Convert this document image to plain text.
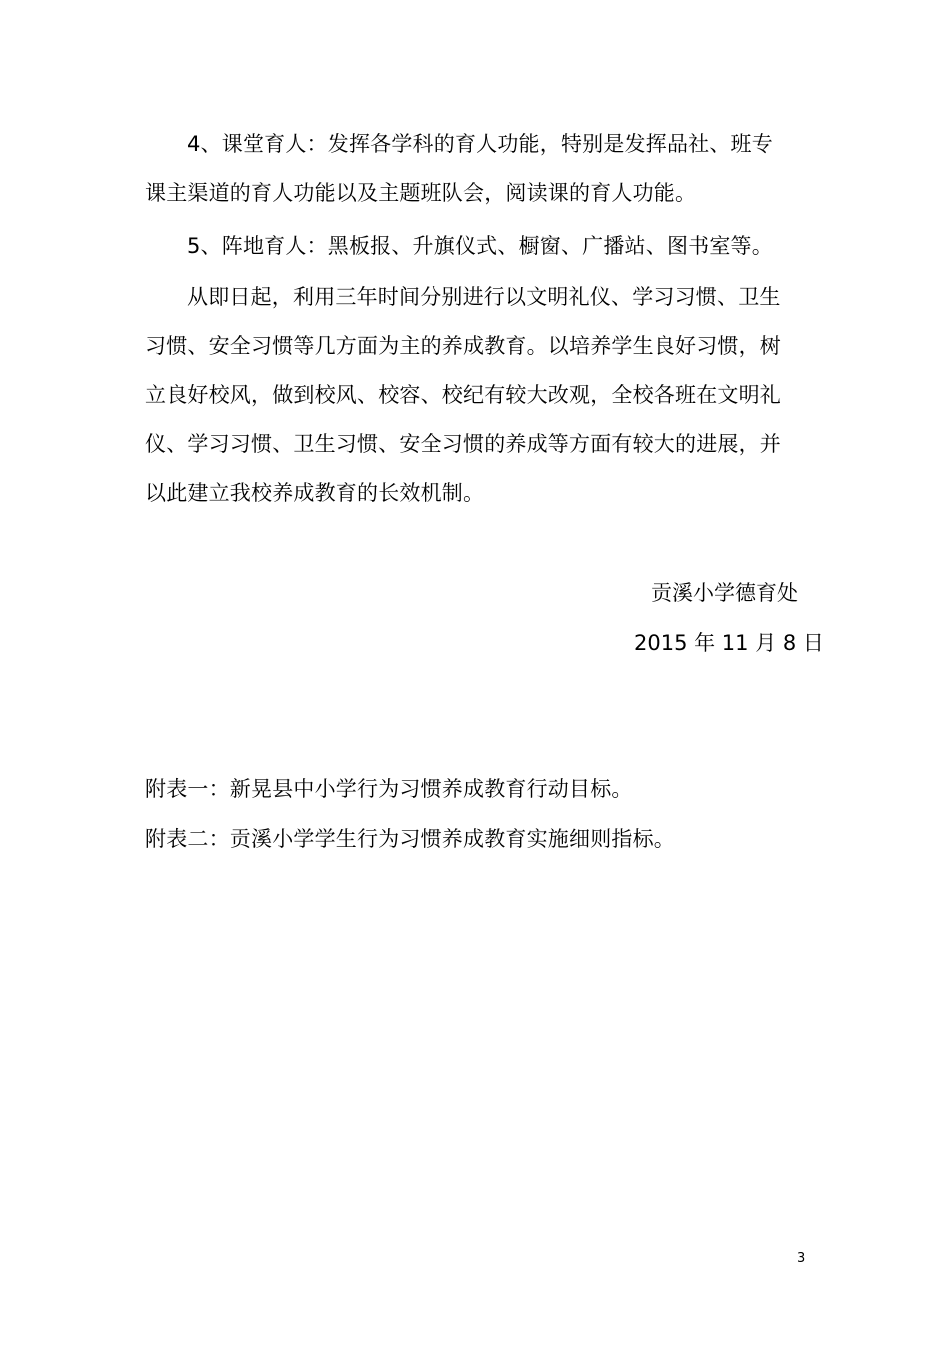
4、课堂育人：发挥各学科的育人功能，特别是发挥品社、班专
课主渠道的育人功能以及主题班队会，阅读课的育人功能。
5、阵地育人：黑板报、升旗仪式、橱窗、广播站、图书室等。
从即日起，利用三年时间分别进行以文明礼仪、学习习惯、卫生
习惯、安全习惯等几方面为主的养成教育。以培养学生良好习惯，树
立良好校风，做到校风、校容、校纪有较大改观，全校各班在文明礼
仪、学习习惯、卫生习惯、安全习惯的养成等方面有较大的进展，并
以此建立我校养成教育的长效机制。
贡溪小学德育处
2015 年 11 月 8 日
附表一：新晃县中小学行为习惯养成教育行动目标。
附表二：贡溪小学学生行为习惯养成教育实施细则指标。
3
